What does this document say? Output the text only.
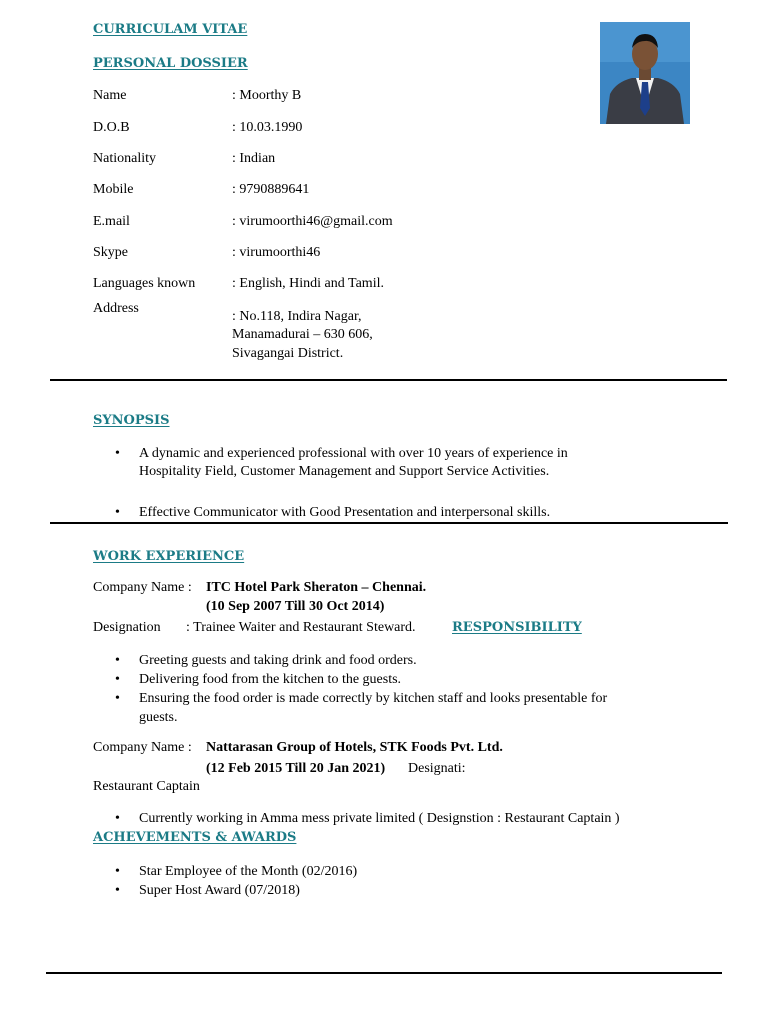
CURRICULAM VITAE
PERSONAL DOSSIER
Name	: Moorthy B
D.O.B	: 10.03.1990
Nationality	: Indian
Mobile	: 9790889641
E.mail	: virumoorthi46@gmail.com
Skype	: virumoorthi46
Languages known	: English, Hindi and Tamil.
Address
: No.118, Indira Nagar,
Manamadurai – 630 606,
Sivagangai District.
SYNOPSIS
• A dynamic and experienced professional with over 10 years of experience in
Hospitality Field, Customer Management and Support Service Activities.
• Effective Communicator with Good Presentation and interpersonal skills.
WORK EXPERIENCE
Company Name : ITC Hotel Park Sheraton – Chennai.
(10 Sep 2007 Till 30 Oct 2014)
Designation : Trainee Waiter and Restaurant Steward.	RESPONSIBILITY
• Greeting guests and taking drink and food orders.
• Delivering food from the kitchen to the guests.
• Ensuring the food order is made correctly by kitchen staff and looks presentable for
guests.
Company Name : Nattarasan Group of Hotels, STK Foods Pvt. Ltd.
(12 Feb 2015 Till 20 Jan 2021) Designati:
Restaurant Captain
• Currently working in Amma mess private limited ( Designstion : Restaurant Captain )
ACHEVEMENTS & AWARDS
• Star Employee of the Month (02/2016)
• Super Host Award (07/2018)
